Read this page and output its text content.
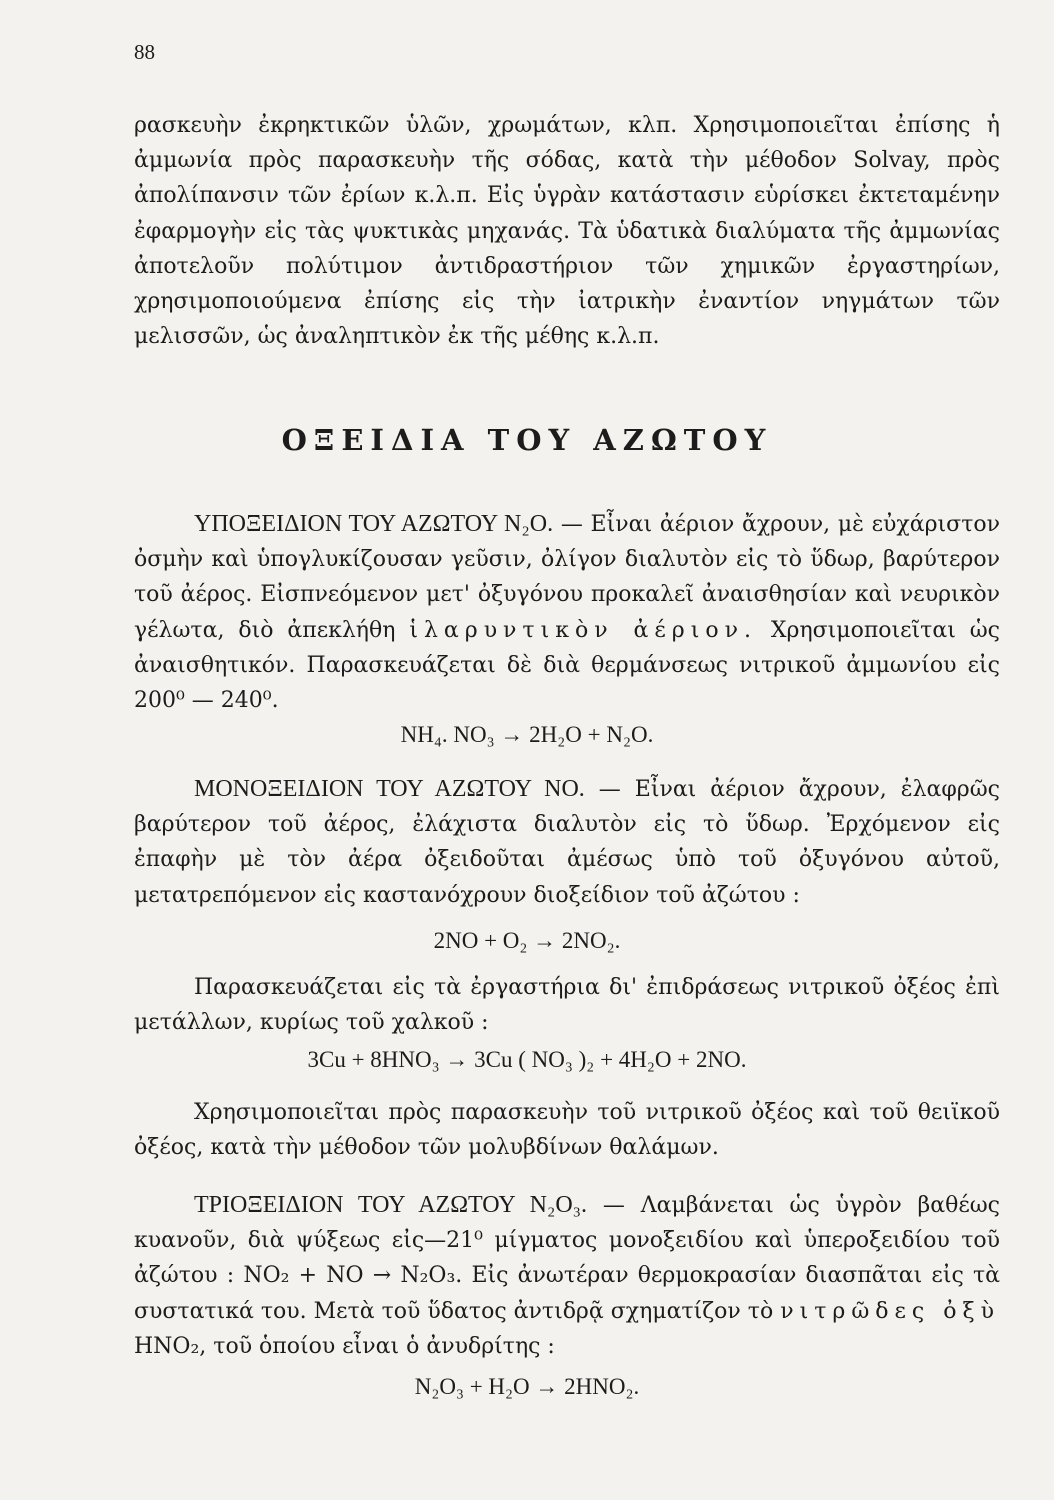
88
ρασκευὴν ἐκρηκτικῶν ὑλῶν, χρωμάτων, κλπ. Χρησιμοποιεῖται ἐπίσης ἡ ἀμμωνία πρὸς παρασκευὴν τῆς σόδας, κατὰ τὴν μέθοδον Solvay, πρὸς ἀπολίπανσιν τῶν ἐρίων κ.λ.π. Εἰς ὑγρὰν κατάστασιν εὑρίσκει ἐκτεταμένην ἐφαρμογὴν εἰς τὰς ψυκτικὰς μηχανάς. Τὰ ὑδατικὰ διαλύματα τῆς ἀμμωνίας ἀποτελοῦν πολύτιμον ἀντιδραστήριον τῶν χημικῶν ἐργαστηρίων, χρησιμοποιούμενα ἐπίσης εἰς τὴν ἰατρικὴν ἐναντίον νηγμάτων τῶν μελισσῶν, ὡς ἀναληπτικὸν ἐκ τῆς μέθης κ.λ.π.
ΟΞΕΙΔΙΑ ΤΟΥ ΑΖΩΤΟΥ
ΥΠΟΞΕΙΔΙΟΝ ΤΟΥ ΑΖΩΤΟΥ N₂O. — Εἶναι ἀέριον ἄχρουν, μὲ εὐχάριστον ὀσμὴν καὶ ὑπογλυκίζουσαν γεῦσιν, ὀλίγον διαλυτὸν εἰς τὸ ὕδωρ, βαρύτερον τοῦ ἀέρος. Εἰσπνεόμενον μετ' ὀξυγόνου προκαλεῖ ἀναισθησίαν καὶ νευρικὸν γέλωτα, διὸ ἀπεκλήθη ἱλαρυντικὸν ἀέριον. Χρησιμοποιεῖται ὡς ἀναισθητικόν. Παρασκευάζεται δὲ διὰ θερμάνσεως νιτρικοῦ ἀμμωνίου εἰς 200⁰ — 240⁰.
NH₄. NO₃ → 2H₂O + N₂O.
ΜΟΝΟΞΕΙΔΙΟΝ ΤΟΥ ΑΖΩΤΟΥ NO. — Εἶναι ἀέριον ἄχρουν, ἐλαφρῶς βαρύτερον τοῦ ἀέρος, ἐλάχιστα διαλυτὸν εἰς τὸ ὕδωρ. Ἐρχόμενον εἰς ἐπαφὴν μὲ τὸν ἀέρα ὀξειδοῦται ἀμέσως ὑπὸ τοῦ ὀξυγόνου αὐτοῦ, μετατρεπόμενον εἰς καστανόχρουν διοξείδιον τοῦ ἀζώτου :
2NO + O₂ → 2NO₂.
Παρασκευάζεται εἰς τὰ ἐργαστήρια δι' ἐπιδράσεως νιτρικοῦ ὀξέος ἐπὶ μετάλλων, κυρίως τοῦ χαλκοῦ :
3Cu + 8HNO₃ → 3Cu ( NO₃ )₂ + 4H₂O + 2NO.
Χρησιμοποιεῖται πρὸς παρασκευὴν τοῦ νιτρικοῦ ὀξέος καὶ τοῦ θειϊκοῦ ὀξέος, κατὰ τὴν μέθοδον τῶν μολυβδίνων θαλάμων.
ΤΡΙΟΞΕΙΔΙΟΝ ΤΟΥ ΑΖΩΤΟΥ N₂O₃. — Λαμβάνεται ὡς ὑγρὸν βαθέως κυανοῦν, διὰ ψύξεως εἰς—21⁰ μίγματος μονοξειδίου καὶ ὑπεροξειδίου τοῦ ἀζώτου : NO₂ + NO → N₂O₃. Εἰς ἀνωτέραν θερμοκρασίαν διασπᾶται εἰς τὰ συστατικά του. Μετὰ τοῦ ὕδατος ἀντιδρᾷ σχηματίζον τὸ νιτρῶδες ὀξὺ HNO₂, τοῦ ὁποίου εἶναι ὁ ἀνυδρίτης :
N₂O₃ + H₂O → 2HNO₂.
